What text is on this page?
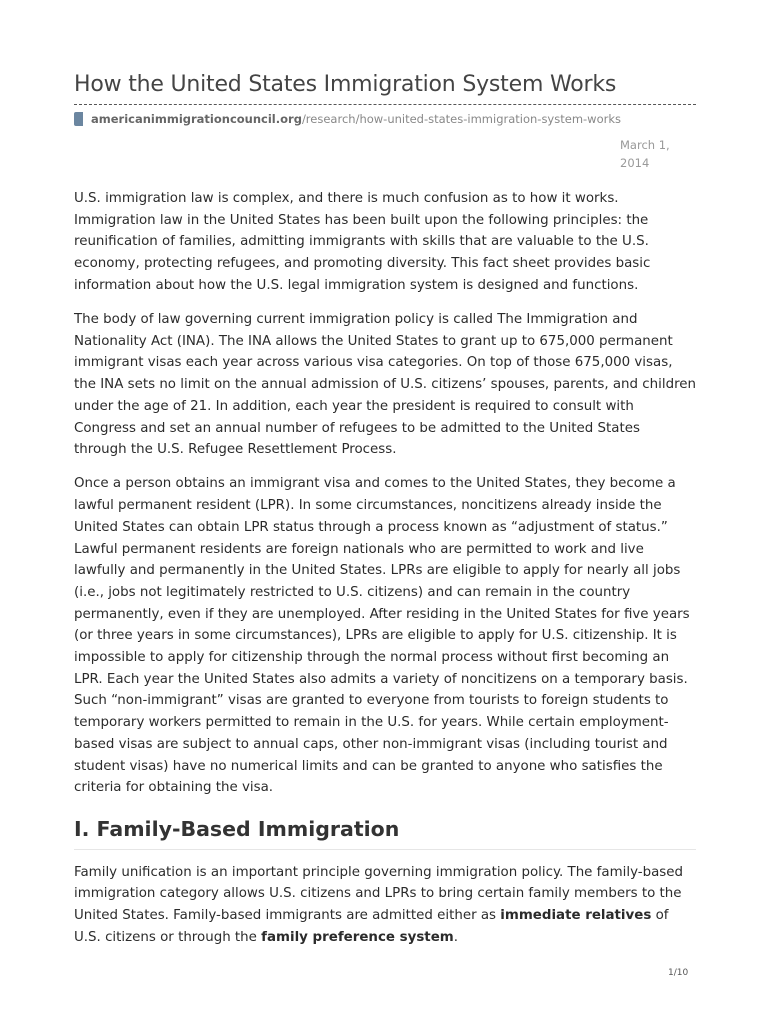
How the United States Immigration System Works
americanimmigrationcouncil.org /research/how-united-states-immigration-system-works
March 1, 2014

U.S. immigration law is complex, and there is much confusion as to how it works. Immigration law in the United States has been built upon the following principles: the reunification of families, admitting immigrants with skills that are valuable to the U.S. economy, protecting refugees, and promoting diversity. This fact sheet provides basic information about how the U.S. legal immigration system is designed and functions.

The body of law governing current immigration policy is called The Immigration and Nationality Act (INA). The INA allows the United States to grant up to 675,000 permanent immigrant visas each year across various visa categories. On top of those 675,000 visas, the INA sets no limit on the annual admission of U.S. citizens’ spouses, parents, and children under the age of 21. In addition, each year the president is required to consult with Congress and set an annual number of refugees to be admitted to the United States through the U.S. Refugee Resettlement Process.

Once a person obtains an immigrant visa and comes to the United States, they become a lawful permanent resident (LPR). In some circumstances, noncitizens already inside the United States can obtain LPR status through a process known as “adjustment of status.” Lawful permanent residents are foreign nationals who are permitted to work and live lawfully and permanently in the United States. LPRs are eligible to apply for nearly all jobs (i.e., jobs not legitimately restricted to U.S. citizens) and can remain in the country permanently, even if they are unemployed. After residing in the United States for five years (or three years in some circumstances), LPRs are eligible to apply for U.S. citizenship. It is impossible to apply for citizenship through the normal process without first becoming an LPR. Each year the United States also admits a variety of noncitizens on a temporary basis. Such “non-immigrant” visas are granted to everyone from tourists to foreign students to temporary workers permitted to remain in the U.S. for years. While certain employment-based visas are subject to annual caps, other non-immigrant visas (including tourist and student visas) have no numerical limits and can be granted to anyone who satisfies the criteria for obtaining the visa.

I. Family-Based Immigration

Family unification is an important principle governing immigration policy. The family-based immigration category allows U.S. citizens and LPRs to bring certain family members to the United States. Family-based immigrants are admitted either as immediate relatives of U.S. citizens or through the family preference system.

1/10
